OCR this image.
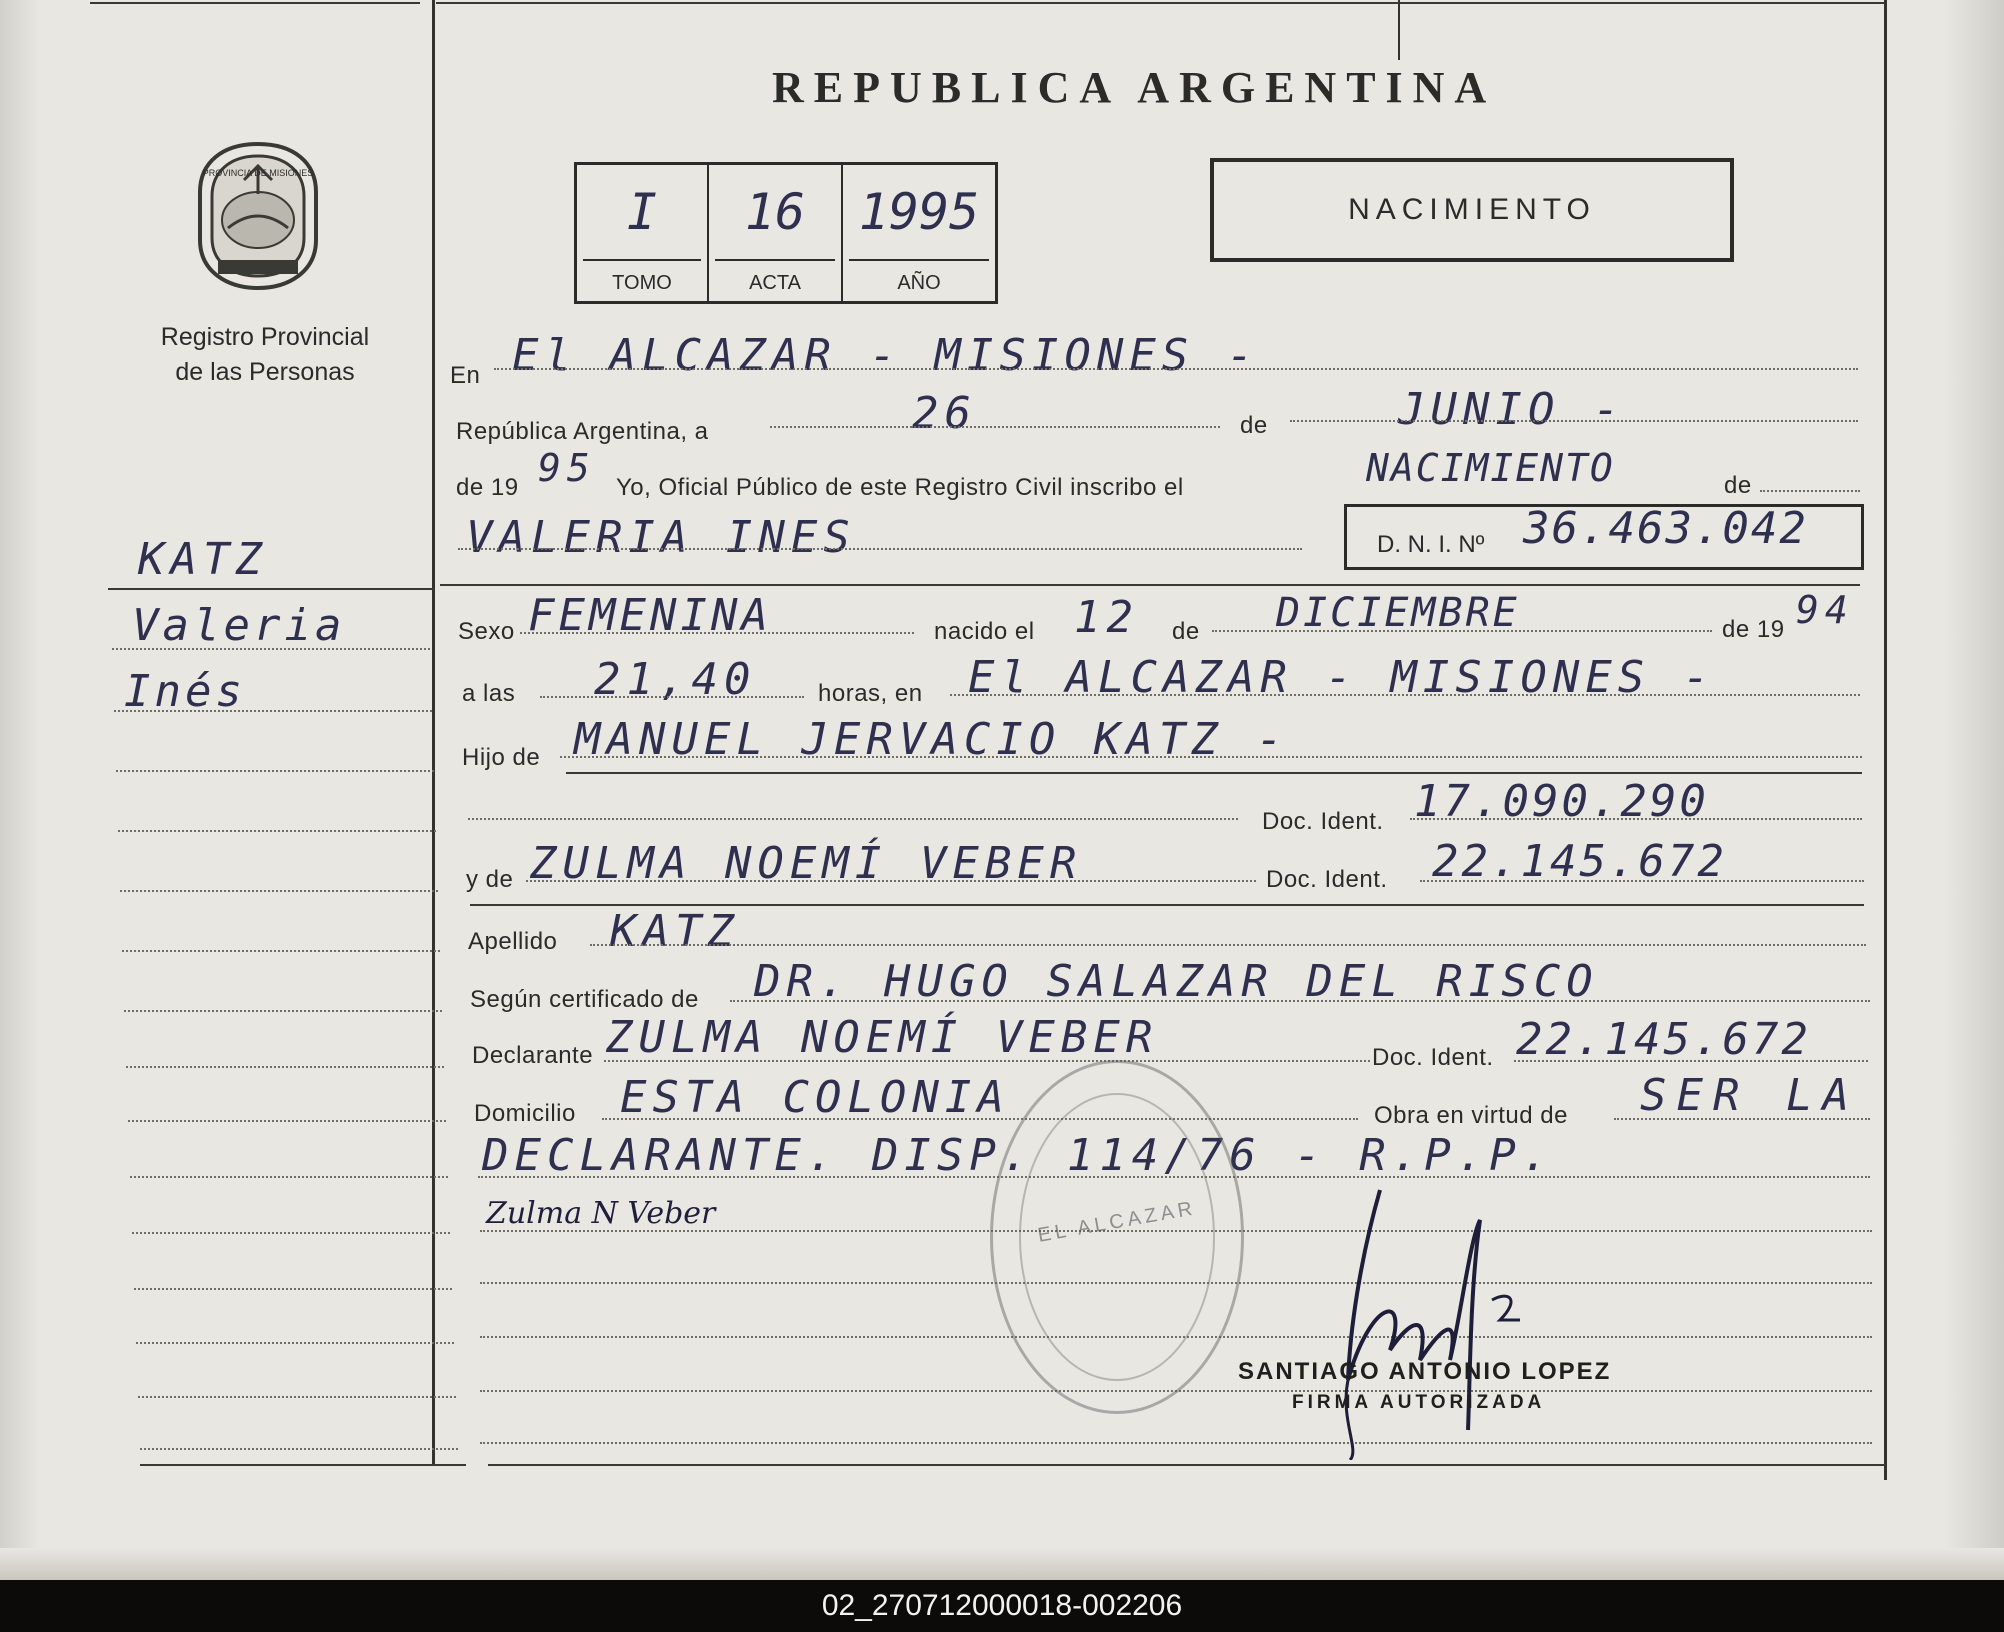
REPUBLICA ARGENTINA
I
TOMO
16
ACTA
1995
AÑO
NACIMIENTO
PROVINCIA DE MISIONES
Registro Provincial
de las Personas
KATZ
Valeria
Inés
En El ALCAZAR - MISIONES -
República Argentina, a	26	de	JUNIO -
de 19 95 Yo, Oficial Público de este Registro Civil inscribo el	NACIMIENTO	de
VALERIA INES	D. N. I. Nº 36.463.042
Sexo FEMENINA	nacido el 12 de DICIEMBRE	de 19 94
a las 21,40	horas, en El ALCAZAR - MISIONES -
Hijo de MANUEL JERVACIO KATZ -
Doc. Ident. 17.090.290
y de ZULMA NOEMÍ VEBER	Doc. Ident. 22.145.672
Apellido KATZ
Según certificado de DR. HUGO SALAZAR DEL RISCO
Declarante ZULMA NOEMÍ VEBER	Doc. Ident. 22.145.672
Domicilio ESTA COLONIA	Obra en virtud de SER LA
DECLARANTE. DISP. 114/76 - R.P.P.
Zulma N Veber	EL ALCAZAR
SANTIAGO ANTONIO LOPEZ
FIRMA AUTORIZADA
02_270712000018-002206
